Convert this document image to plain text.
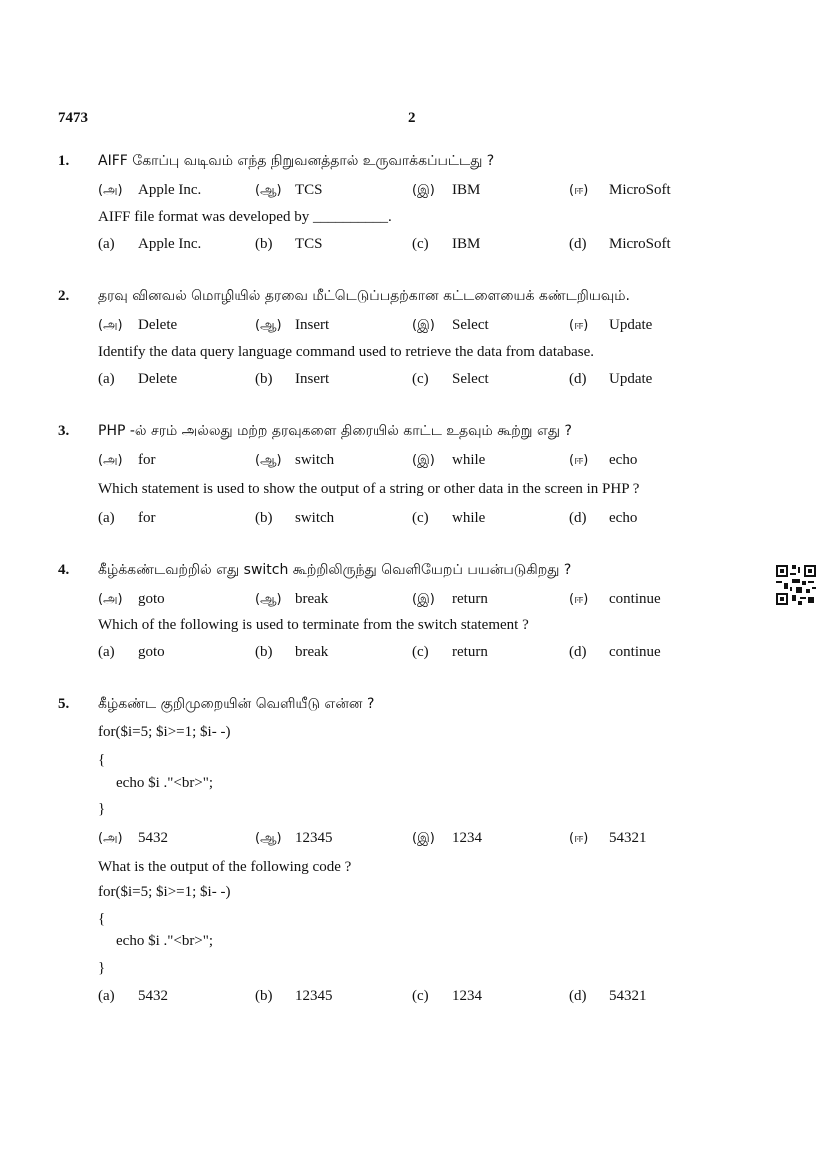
7473	2
1. AIFF கோப்பு வடிவம் எந்த நிறுவனத்தால் உருவாக்கப்பட்டது ?
(அ) Apple Inc.	(ஆ) TCS	(இ) IBM	(ஈ) MicroSoft
AIFF file format was developed by __________.
(a) Apple Inc.	(b) TCS	(c) IBM	(d) MicroSoft
2. தரவு வினவல் மொழியில் தரவை மீட்டெடுப்பதற்கான கட்டளையைக் கண்டறியவும்.
(அ) Delete	(ஆ) Insert	(இ) Select	(ஈ) Update
Identify the data query language command used to retrieve the data from database.
(a) Delete	(b) Insert	(c) Select	(d) Update
3. PHP -ல் சரம் அல்லது மற்ற தரவுகளை திரையில் காட்ட உதவும் கூற்று எது ?
(அ) for	(ஆ) switch	(இ) while	(ஈ) echo
Which statement is used to show the output of a string or other data in the screen in PHP ?
(a) for	(b) switch	(c) while	(d) echo
4. கீழ்க்கண்டவற்றில் எது switch கூற்றிலிருந்து வெளியேறப் பயன்படுகிறது ?
(அ) goto	(ஆ) break	(இ) return	(ஈ) continue
Which of the following is used to terminate from the switch statement ?
(a) goto	(b) break	(c) return	(d) continue
5. கீழ்கண்ட குறிமுறையின் வெளியீடு என்ன ?
for($i=5; $i>=1; $i- -)
{
echo $i ."<br>";
}
(அ) 5432	(ஆ) 12345	(இ) 1234	(ஈ) 54321
What is the output of the following code ?
for($i=5; $i>=1; $i- -)
{
echo $i ."<br>";
}
(a) 5432	(b) 12345	(c) 1234	(d) 54321
